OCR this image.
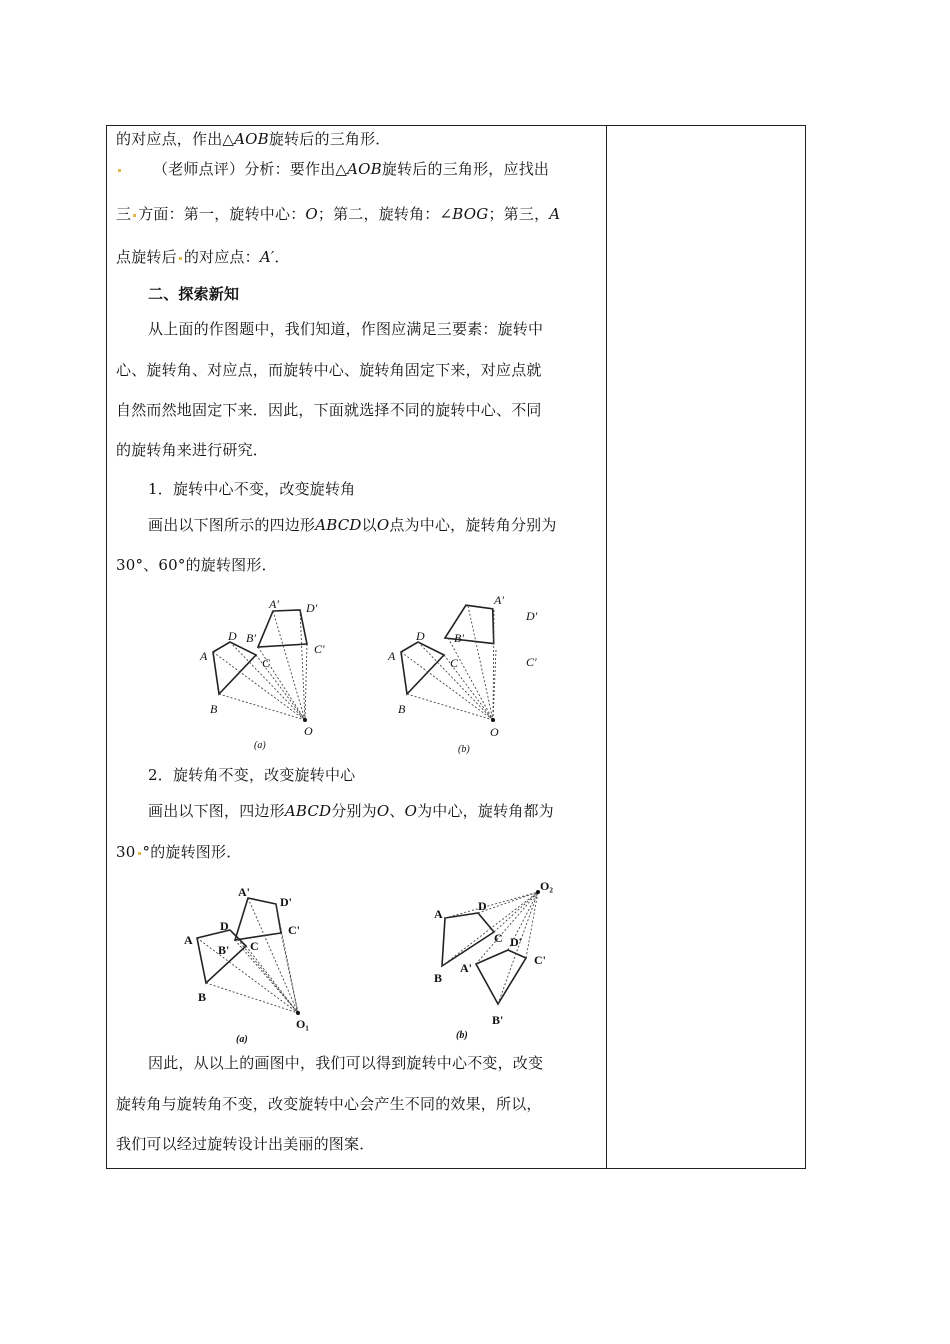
的对应点，作出△AOB旋转后的三角形．
（老师点评）分析：要作出△AOB旋转后的三角形，应找出
三 方面：第一，旋转中心：O；第二，旋转角：∠BOG；第三，A
点旋转后 的对应点：A′．
二、探索新知
从上面的作图题中，我们知道，作图应满足三要素：旋转中
心、旋转角、对应点，而旋转中心、旋转角固定下来，对应点就
自然而然地固定下来．因此，下面就选择不同的旋转中心、不同
的旋转角来进行研究．
1．旋转中心不变，改变旋转角
画出以下图所示的四边形ABCD以O点为中心，旋转角分别为
30°、60°的旋转图形．
2．旋转角不变，改变旋转中心
画出以下图，四边形ABCD分别为O、O为中心，旋转角都为
30 °的旋转图形．
因此，从以上的画图中，我们可以得到旋转中心不变，改变
旋转角与旋转角不变，改变旋转中心会产生不同的效果，所以，
我们可以经过旋转设计出美丽的图案．
A
D
C
B
O
A' D'
C'
B'
(a)
A
D
C
B
O
A'
D'
C'
B'
(b)
A
D
C
B
O₁
A'
D'
C'
B'
(a)
A
D
C
B
O₂
A'
D'
C'
B'
(b)
